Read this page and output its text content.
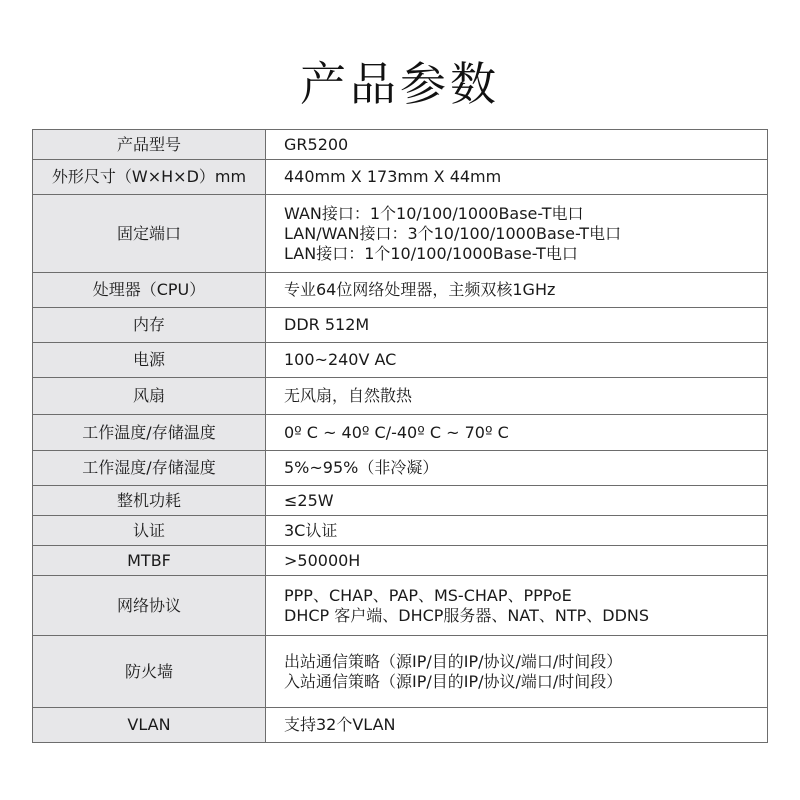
产品参数
产品型号	GR5200

外形尺寸（W×H×D）mm	440mm X 173mm X 44mm

固定端口	WAN接口：1个10/100/1000Base-T电口
LAN/WAN接口：3个10/100/1000Base-T电口
LAN接口：1个10/100/1000Base-T电口

处理器（CPU）	专业64位网络处理器，主频双核1GHz

内存	DDR 512M

电源	100~240V AC

风扇	无风扇，自然散热

工作温度/存储温度	0º C ~ 40º C/-40º C ~ 70º C

工作湿度/存储湿度	5%~95%（非冷凝）

整机功耗	≤25W

认证	3C认证

MTBF	>50000H

网络协议	PPP、CHAP、PAP、MS-CHAP、PPPoE
DHCP 客户端、DHCP服务器、NAT、NTP、DDNS

防火墙	出站通信策略（源IP/目的IP/协议/端口/时间段）
入站通信策略（源IP/目的IP/协议/端口/时间段）

VLAN	支持32个VLAN
